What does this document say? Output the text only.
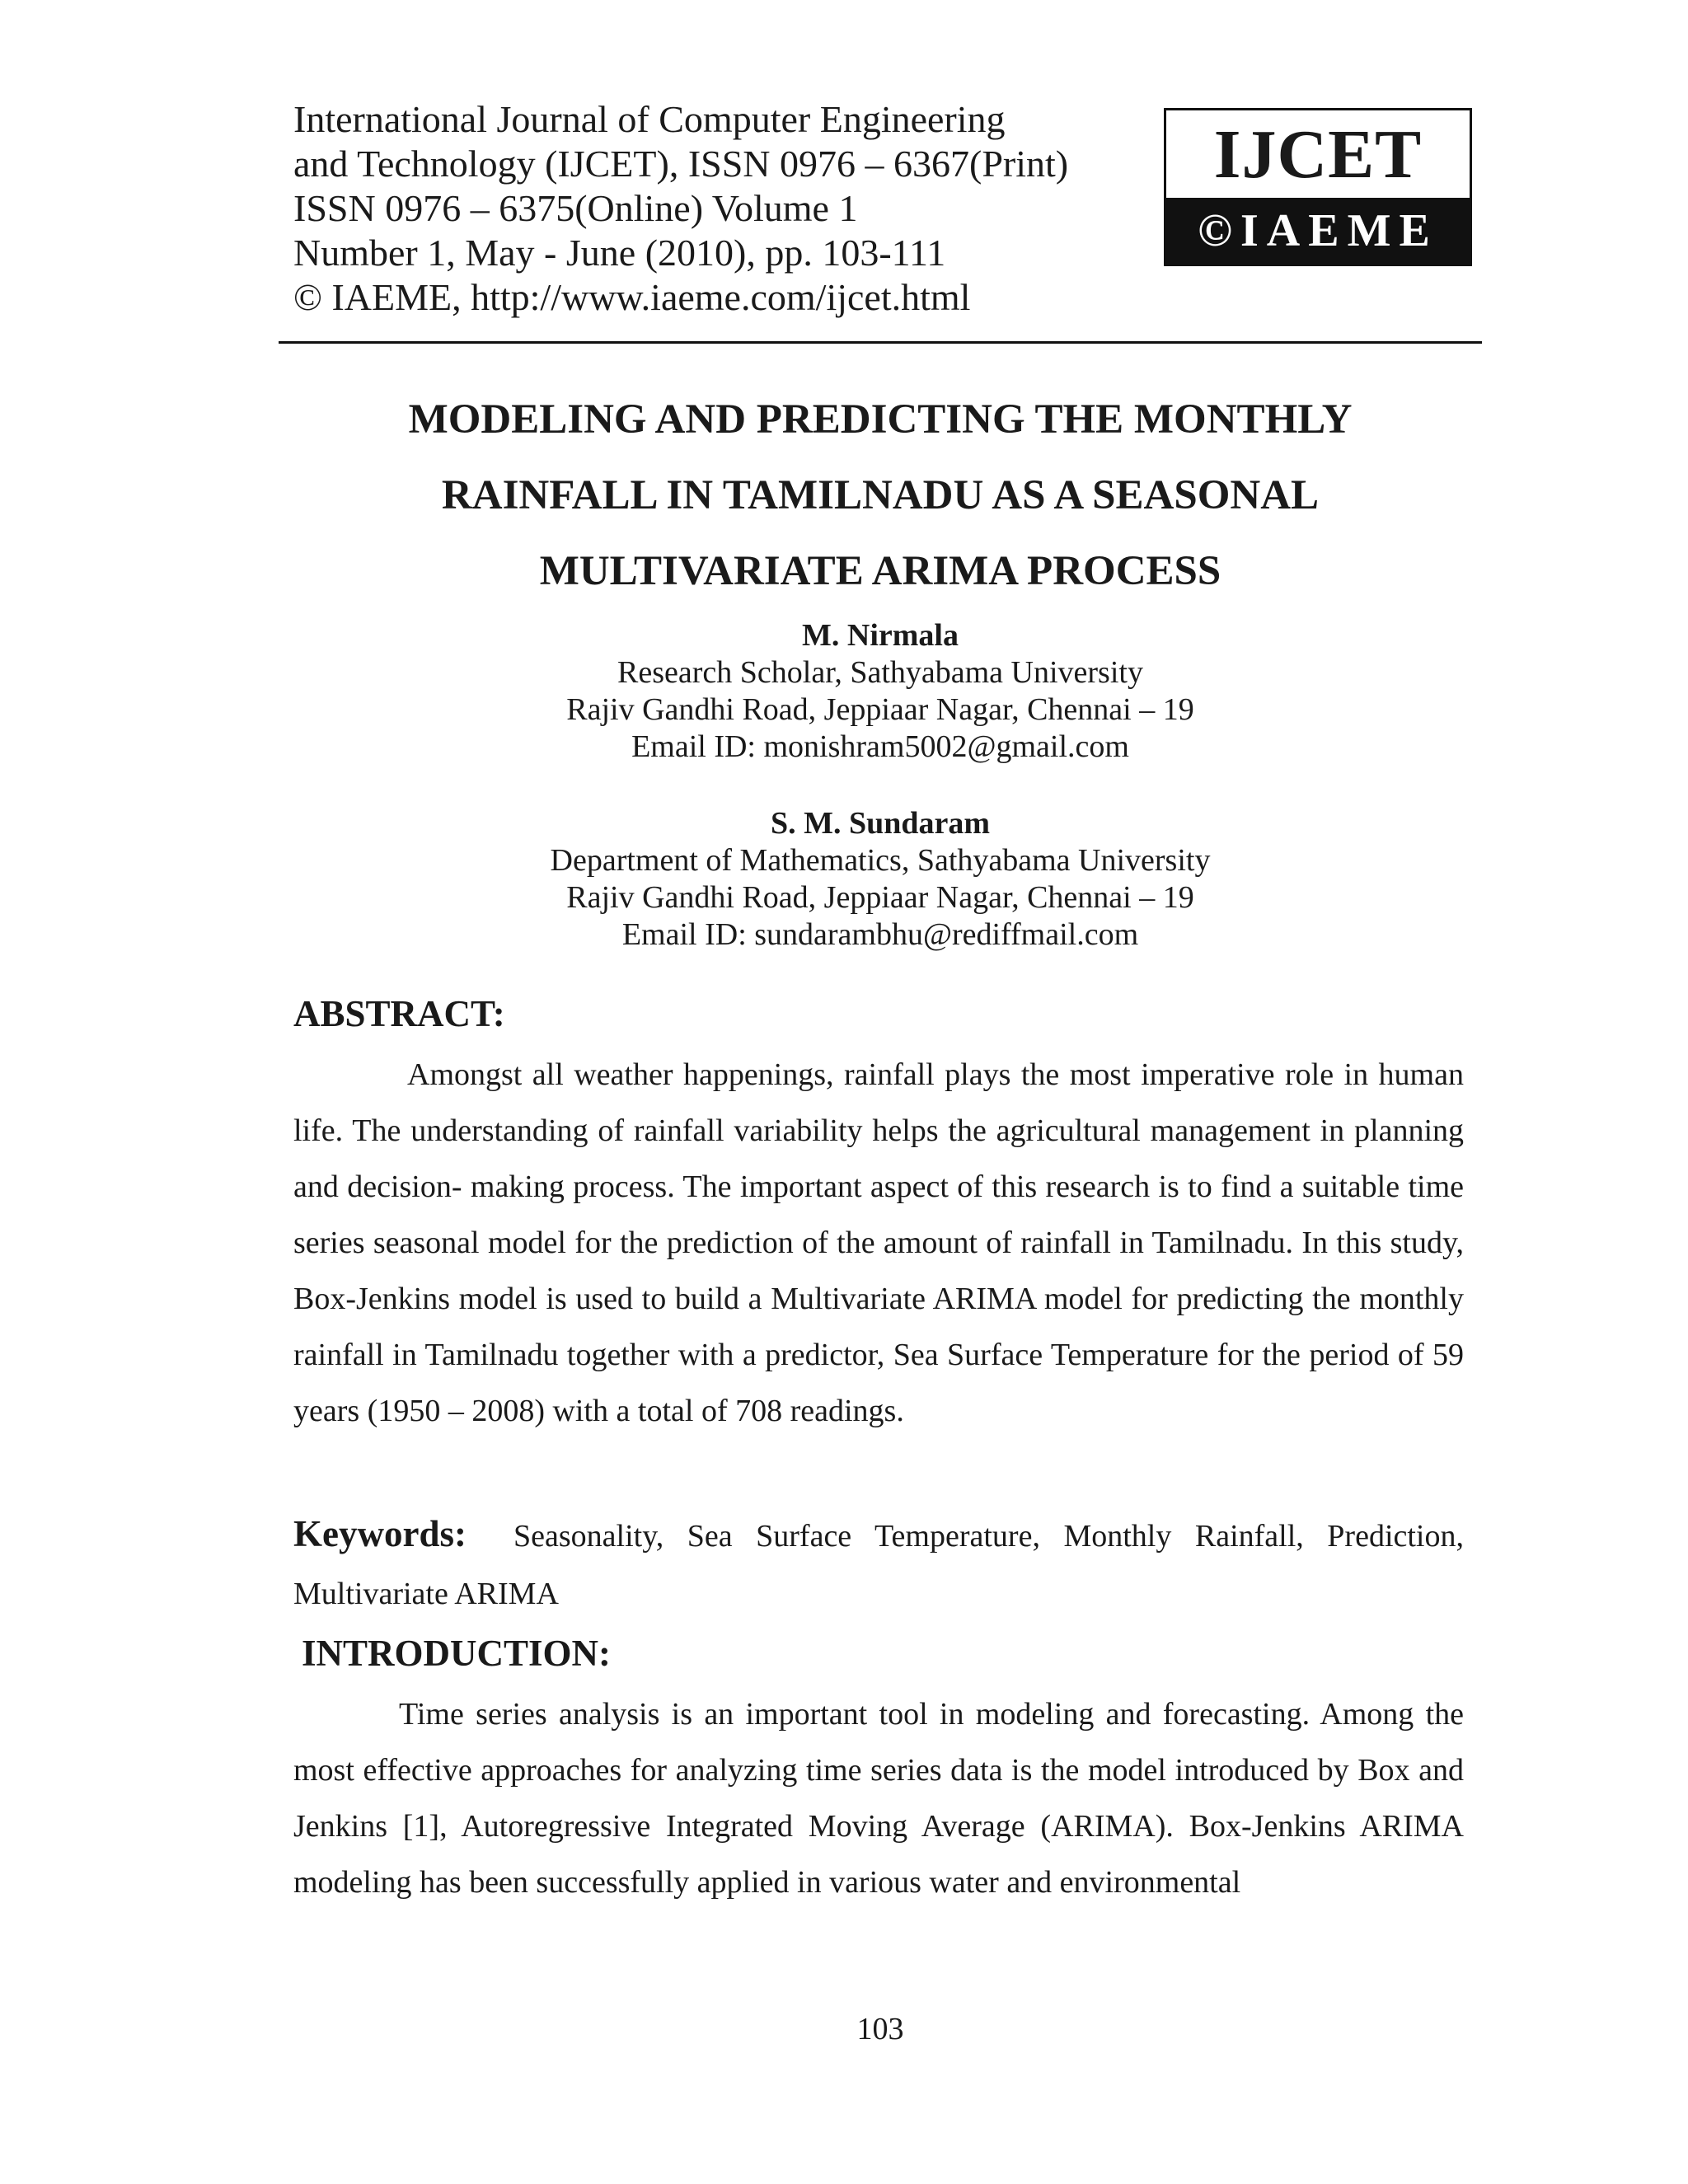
International Journal of Computer Engineering
and Technology (IJCET), ISSN 0976 – 6367(Print)
ISSN 0976 – 6375(Online) Volume 1
Number 1, May - June (2010), pp. 103-111
© IAEME, http://www.iaeme.com/ijcet.html
IJCET
©IAEME
MODELING AND PREDICTING THE MONTHLY
RAINFALL IN TAMILNADU AS A SEASONAL
MULTIVARIATE ARIMA PROCESS
M. Nirmala
Research Scholar, Sathyabama University
Rajiv Gandhi Road, Jeppiaar Nagar, Chennai – 19
Email ID: monishram5002@gmail.com
S. M. Sundaram
Department of Mathematics, Sathyabama University
Rajiv Gandhi Road, Jeppiaar Nagar, Chennai – 19
Email ID: sundarambhu@rediffmail.com
ABSTRACT:
Amongst all weather happenings, rainfall plays the most imperative role in human life. The understanding of rainfall variability helps the agricultural management in planning and decision- making process. The important aspect of this research is to find a suitable time series seasonal model for the prediction of the amount of rainfall in Tamilnadu. In this study, Box-Jenkins model is used to build a Multivariate ARIMA model for predicting the monthly rainfall in Tamilnadu together with a predictor, Sea Surface Temperature for the period of 59 years (1950 – 2008) with a total of 708 readings.
Keywords: Seasonality, Sea Surface Temperature, Monthly Rainfall, Prediction, Multivariate ARIMA
INTRODUCTION:
Time series analysis is an important tool in modeling and forecasting. Among the most effective approaches for analyzing time series data is the model introduced by Box and Jenkins [1], Autoregressive Integrated Moving Average (ARIMA). Box-Jenkins ARIMA modeling has been successfully applied in various water and environmental
103
